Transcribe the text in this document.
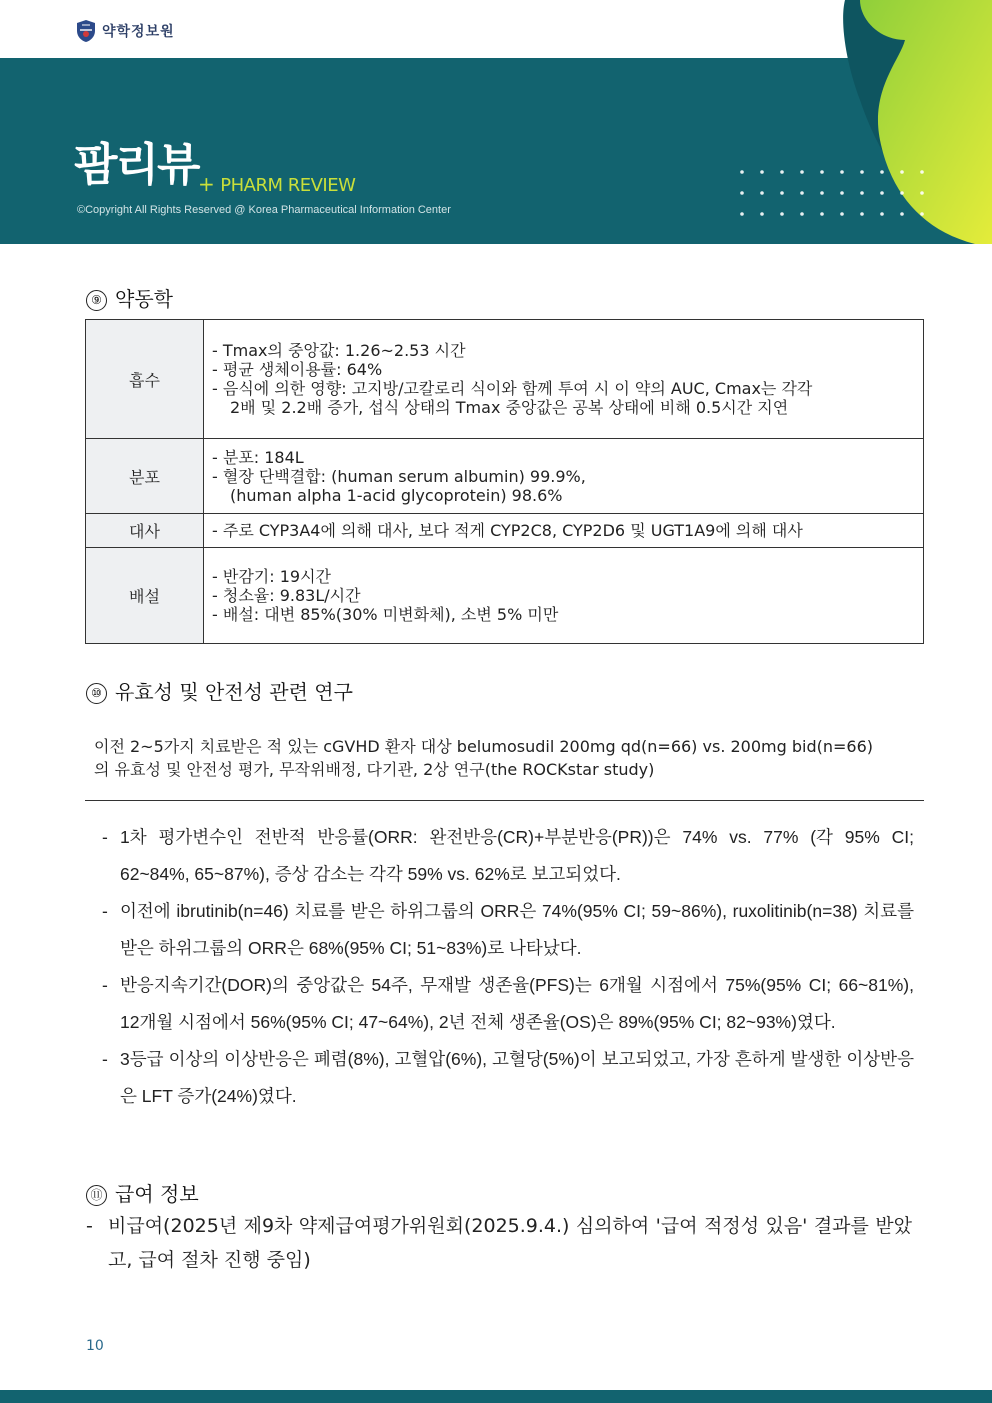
약학정보원
팜리뷰 + PHARM REVIEW
©Copyright All Rights Reserved @ Korea Pharmaceutical Information Center
⑨ 약동학
흡수	- Tmax의 중앙값: 1.26~2.53 시간
- 평균 생체이용률: 64%
- 음식에 의한 영향: 고지방/고칼로리 식이와 함께 투여 시 이 약의 AUC, Cmax는 각각
2배 및 2.2배 증가, 섭식 상태의 Tmax 중앙값은 공복 상태에 비해 0.5시간 지연

분포	- 분포: 184L
- 혈장 단백결합: (human serum albumin) 99.9%,
(human alpha 1-acid glycoprotein) 98.6%

대사	- 주로 CYP3A4에 의해 대사, 보다 적게 CYP2C8, CYP2D6 및 UGT1A9에 의해 대사

배설	- 반감기: 19시간
- 청소율: 9.83L/시간
- 배설: 대변 85%(30% 미변화체), 소변 5% 미만
⑩ 유효성 및 안전성 관련 연구
이전 2~5가지 치료받은 적 있는 cGVHD 환자 대상 belumosudil 200mg qd(n=66) vs. 200mg bid(n=66)의 유효성 및 안전성 평가, 무작위배정, 다기관, 2상 연구(the ROCKstar study)
- 1차 평가변수인 전반적 반응률(ORR: 완전반응(CR)+부분반응(PR))은 74% vs. 77% (각 95% CI; 62~84%, 65~87%), 증상 감소는 각각 59% vs. 62%로 보고되었다.
- 이전에 ibrutinib(n=46) 치료를 받은 하위그룹의 ORR은 74%(95% CI; 59~86%), ruxolitinib(n=38) 치료를 받은 하위그룹의 ORR은 68%(95% CI; 51~83%)로 나타났다.
- 반응지속기간(DOR)의 중앙값은 54주, 무재발 생존율(PFS)는 6개월 시점에서 75%(95% CI; 66~81%), 12개월 시점에서 56%(95% CI; 47~64%), 2년 전체 생존율(OS)은 89%(95% CI; 82~93%)였다.
- 3등급 이상의 이상반응은 폐렴(8%), 고혈압(6%), 고혈당(5%)이 보고되었고, 가장 흔하게 발생한 이상반응은 LFT 증가(24%)였다.
⑪ 급여 정보
- 비급여(2025년 제9차 약제급여평가위원회(2025.9.4.) 심의하여 '급여 적정성 있음' 결과를 받았고, 급여 절차 진행 중임)
10
